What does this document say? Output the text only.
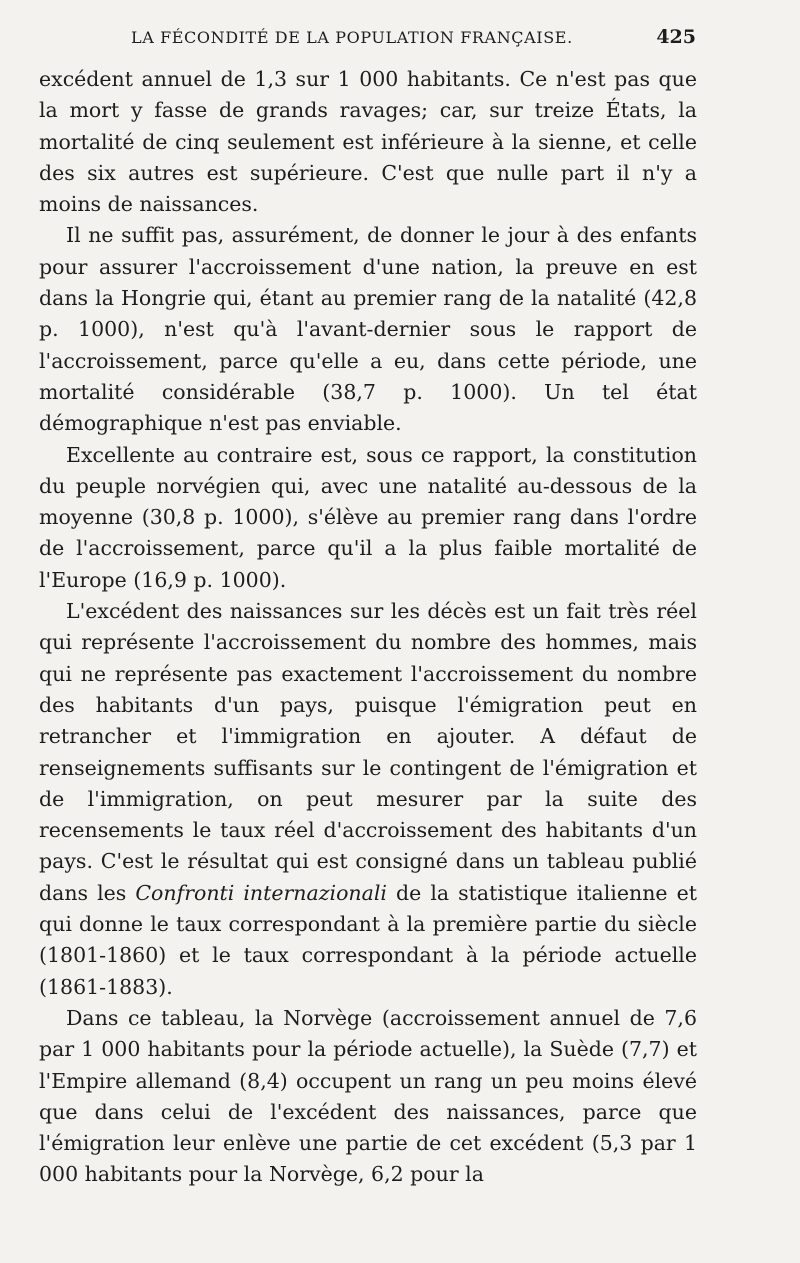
LA FÉCONDITÉ DE LA POPULATION FRANÇAISE.	425

excédent annuel de 1,3 sur 1 000 habitants. Ce n'est pas que la mort y fasse de grands ravages; car, sur treize États, la mortalité de cinq seulement est inférieure à la sienne, et celle des six autres est supérieure. C'est que nulle part il n'y a moins de naissances.

Il ne suffit pas, assurément, de donner le jour à des enfants pour assurer l'accroissement d'une nation, la preuve en est dans la Hongrie qui, étant au premier rang de la natalité (42,8 p. 1000), n'est qu'à l'avant-dernier sous le rapport de l'accroissement, parce qu'elle a eu, dans cette période, une mortalité considérable (38,7 p. 1000). Un tel état démographique n'est pas enviable.

Excellente au contraire est, sous ce rapport, la constitution du peuple norvégien qui, avec une natalité au-dessous de la moyenne (30,8 p. 1000), s'élève au premier rang dans l'ordre de l'accroissement, parce qu'il a la plus faible mortalité de l'Europe (16,9 p. 1000).

L'excédent des naissances sur les décès est un fait très réel qui représente l'accroissement du nombre des hommes, mais qui ne représente pas exactement l'accroissement du nombre des habitants d'un pays, puisque l'émigration peut en retrancher et l'immigration en ajouter. A défaut de renseignements suffisants sur le contingent de l'émigration et de l'immigration, on peut mesurer par la suite des recensements le taux réel d'accroissement des habitants d'un pays. C'est le résultat qui est consigné dans un tableau publié dans les Confronti internazionali de la statistique italienne et qui donne le taux correspondant à la première partie du siècle (1801-1860) et le taux correspondant à la période actuelle (1861-1883).

Dans ce tableau, la Norvège (accroissement annuel de 7,6 par 1 000 habitants pour la période actuelle), la Suède (7,7) et l'Empire allemand (8,4) occupent un rang un peu moins élevé que dans celui de l'excédent des naissances, parce que l'émigration leur enlève une partie de cet excédent (5,3 par 1 000 habitants pour la Norvège, 6,2 pour la
